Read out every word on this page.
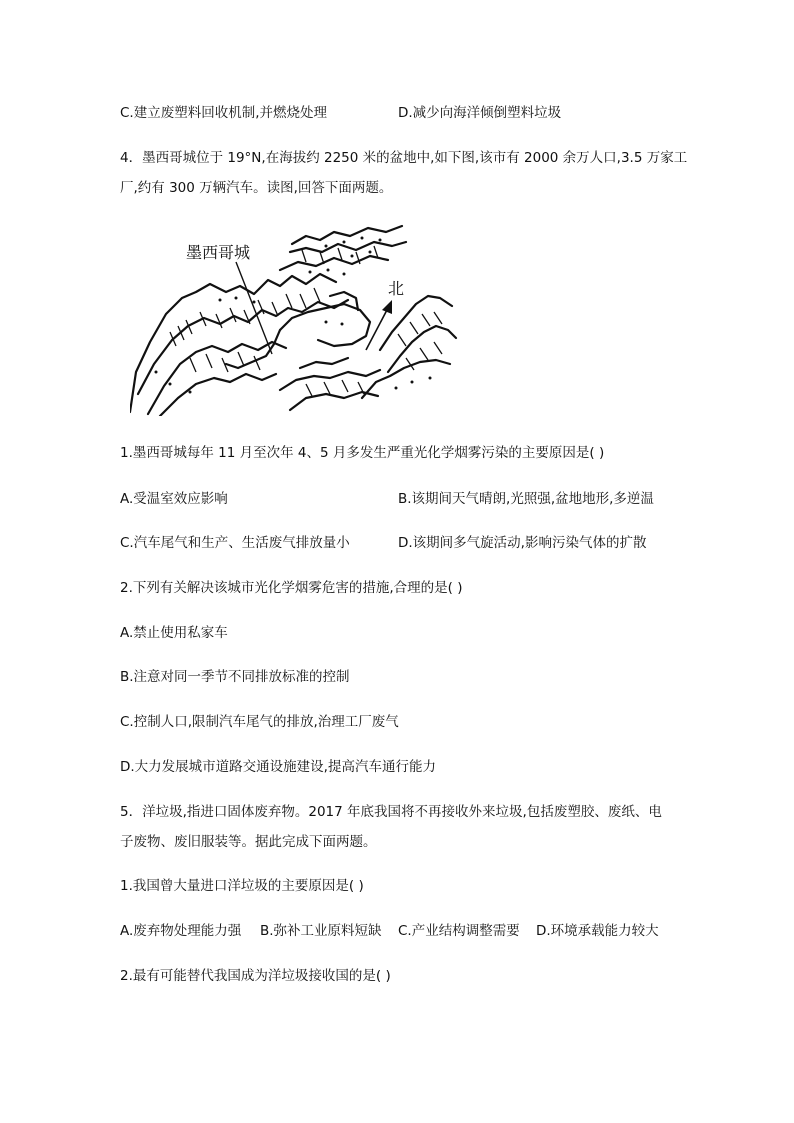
C.建立废塑料回收机制,并燃烧处理	D.减少向海洋倾倒塑料垃圾
4．墨西哥城位于 19°N,在海拔约 2250 米的盆地中,如下图,该市有 2000 余万人口,3.5 万家工
厂,约有 300 万辆汽车。读图,回答下面两题。
墨西哥城
北
1.墨西哥城每年 11 月至次年 4、5 月多发生严重光化学烟雾污染的主要原因是( )
A.受温室效应影响	B.该期间天气晴朗,光照强,盆地地形,多逆温
C.汽车尾气和生产、生活废气排放量小	D.该期间多气旋活动,影响污染气体的扩散
2.下列有关解决该城市光化学烟雾危害的措施,合理的是( )
A.禁止使用私家车
B.注意对同一季节不同排放标准的控制
C.控制人口,限制汽车尾气的排放,治理工厂废气
D.大力发展城市道路交通设施建设,提高汽车通行能力
5．洋垃圾,指进口固体废弃物。2017 年底我国将不再接收外来垃圾,包括废塑胶、废纸、电
子废物、废旧服装等。据此完成下面两题。
1.我国曾大量进口洋垃圾的主要原因是( )
A.废弃物处理能力强 B.弥补工业原料短缺 C.产业结构调整需要 D.环境承载能力较大
2.最有可能替代我国成为洋垃圾接收国的是( )
